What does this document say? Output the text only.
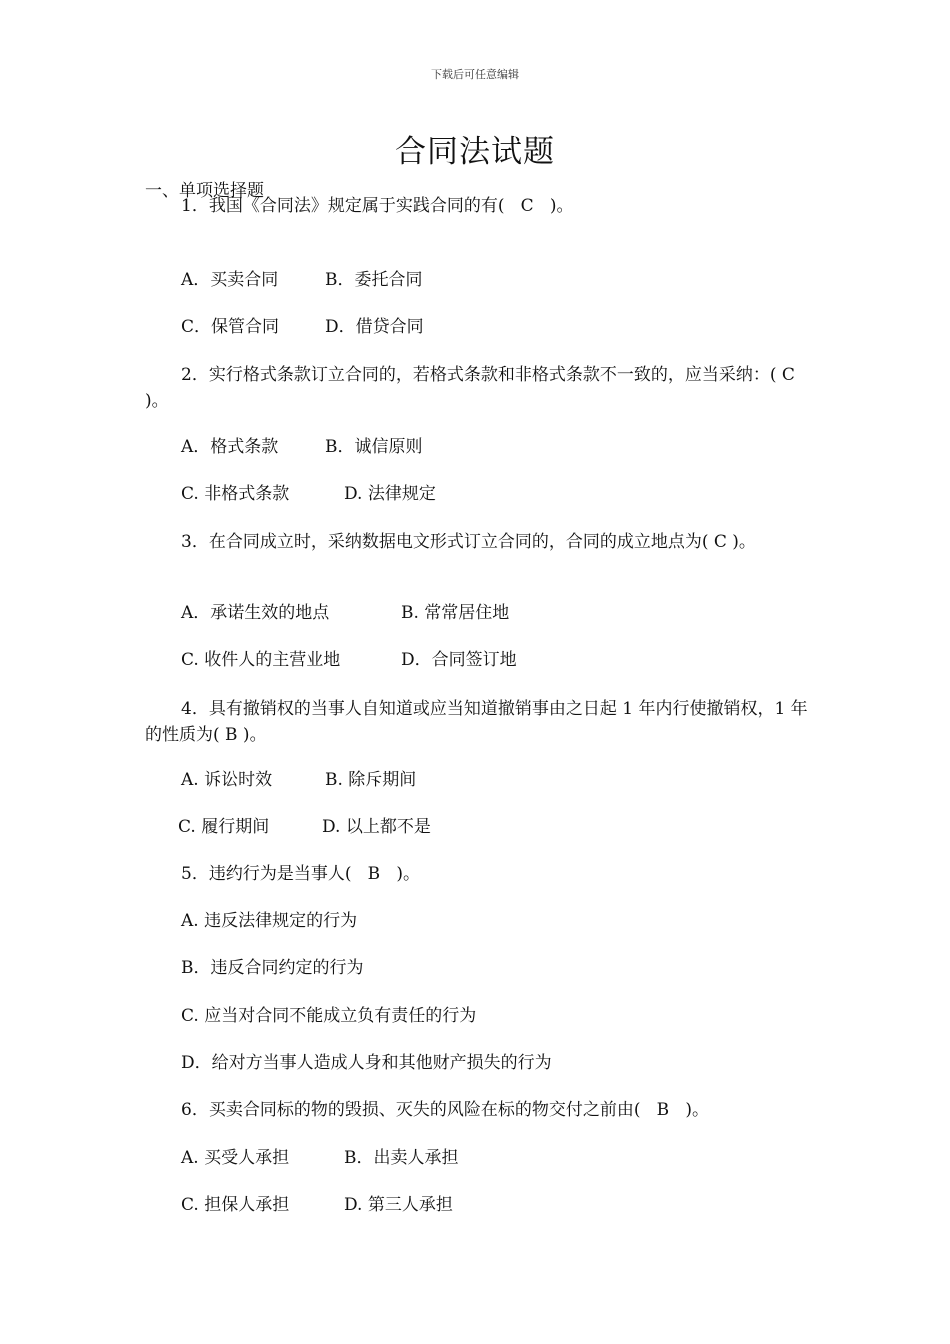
下载后可任意编辑
合同法试题
一、单项选择题
1．我国《合同法》规定属于实践合同的有(   C   )。
A．买卖合同	B．委托合同
C．保管合同	D．借贷合同
2．实行格式条款订立合同的，若格式条款和非格式条款不一致的，应当采纳：( C )。
A．格式条款	B．诚信原则
C. 非格式条款	D. 法律规定
3．在合同成立时，采纳数据电文形式订立合同的，合同的成立地点为( C )。
A．承诺生效的地点	B. 常常居住地
C. 收件人的主营业地	D．合同签订地
4．具有撤销权的当事人自知道或应当知道撤销事由之日起 1 年内行使撤销权，1 年的性质为( B )。
A. 诉讼时效	B. 除斥期间
C. 履行期间	D. 以上都不是
5．违约行为是当事人(   B   )。
A. 违反法律规定的行为
B．违反合同约定的行为
C. 应当对合同不能成立负有责任的行为
D．给对方当事人造成人身和其他财产损失的行为
6．买卖合同标的物的毁损、灭失的风险在标的物交付之前由(   B   )。
A. 买受人承担	B．出卖人承担
C. 担保人承担	D. 第三人承担
